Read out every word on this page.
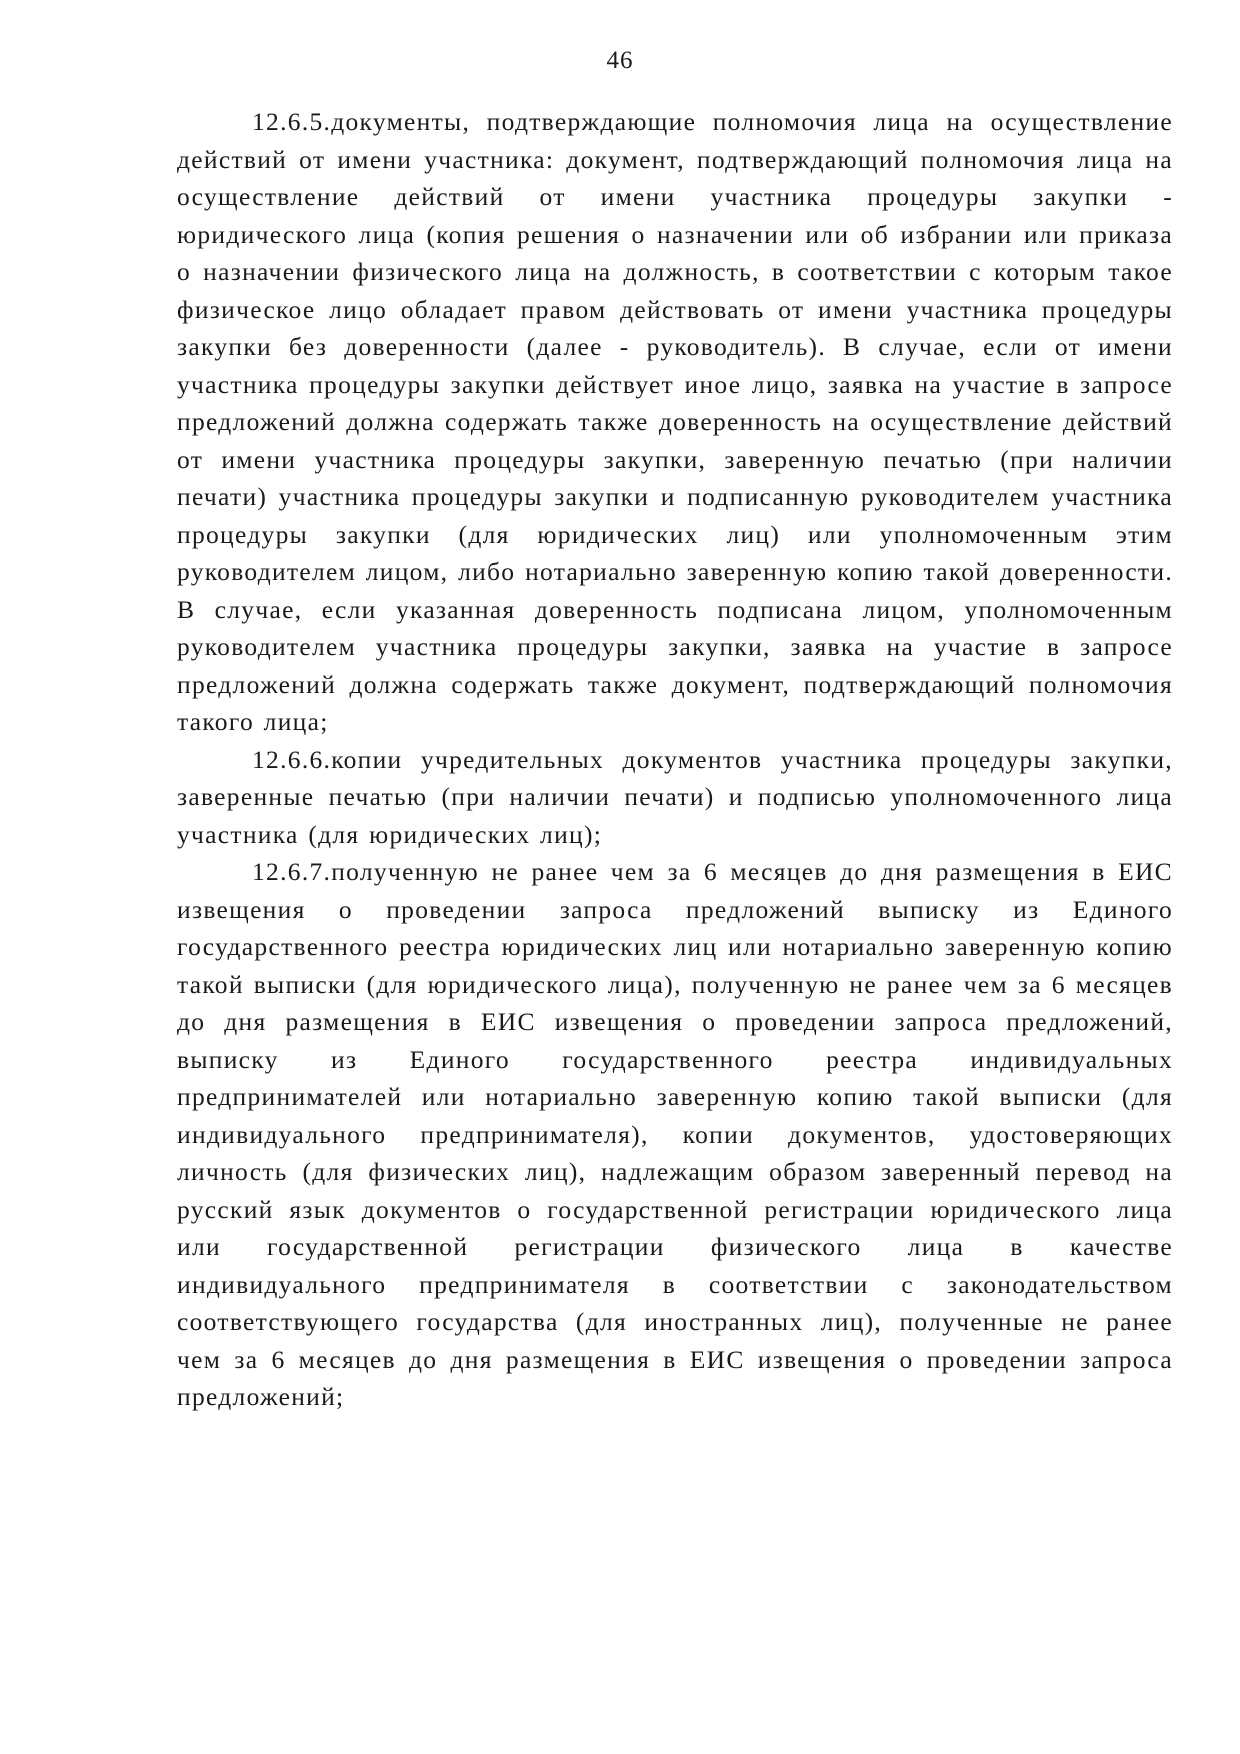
46

12.6.5.документы, подтверждающие полномочия лица на осуществление действий от имени участника: документ, подтверждающий полномочия лица на осуществление действий от имени участника процедуры закупки - юридического лица (копия решения о назначении или об избрании или приказа о назначении физического лица на должность, в соответствии с которым такое физическое лицо обладает правом действовать от имени участника процедуры закупки без доверенности (далее - руководитель). В случае, если от имени участника процедуры закупки действует иное лицо, заявка на участие в запросе предложений должна содержать также доверенность на осуществление действий от имени участника процедуры закупки, заверенную печатью (при наличии печати) участника процедуры закупки и подписанную руководителем участника процедуры закупки (для юридических лиц) или уполномоченным этим руководителем лицом, либо нотариально заверенную копию такой доверенности. В случае, если указанная доверенность подписана лицом, уполномоченным руководителем участника процедуры закупки, заявка на участие в запросе предложений должна содержать также документ, подтверждающий полномочия такого лица;

12.6.6.копии учредительных документов участника процедуры закупки, заверенные печатью (при наличии печати) и подписью уполномоченного лица участника (для юридических лиц);

12.6.7.полученную не ранее чем за 6 месяцев до дня размещения в ЕИС извещения о проведении запроса предложений выписку из Единого государственного реестра юридических лиц или нотариально заверенную копию такой выписки (для юридического лица), полученную не ранее чем за 6 месяцев до дня размещения в ЕИС извещения о проведении запроса предложений, выписку из Единого государственного реестра индивидуальных предпринимателей или нотариально заверенную копию такой выписки (для индивидуального предпринимателя), копии документов, удостоверяющих личность (для физических лиц), надлежащим образом заверенный перевод на русский язык документов о государственной регистрации юридического лица или государственной регистрации физического лица в качестве индивидуального предпринимателя в соответствии с законодательством соответствующего государства (для иностранных лиц), полученные не ранее чем за 6 месяцев до дня размещения в ЕИС извещения о проведении запроса предложений;
